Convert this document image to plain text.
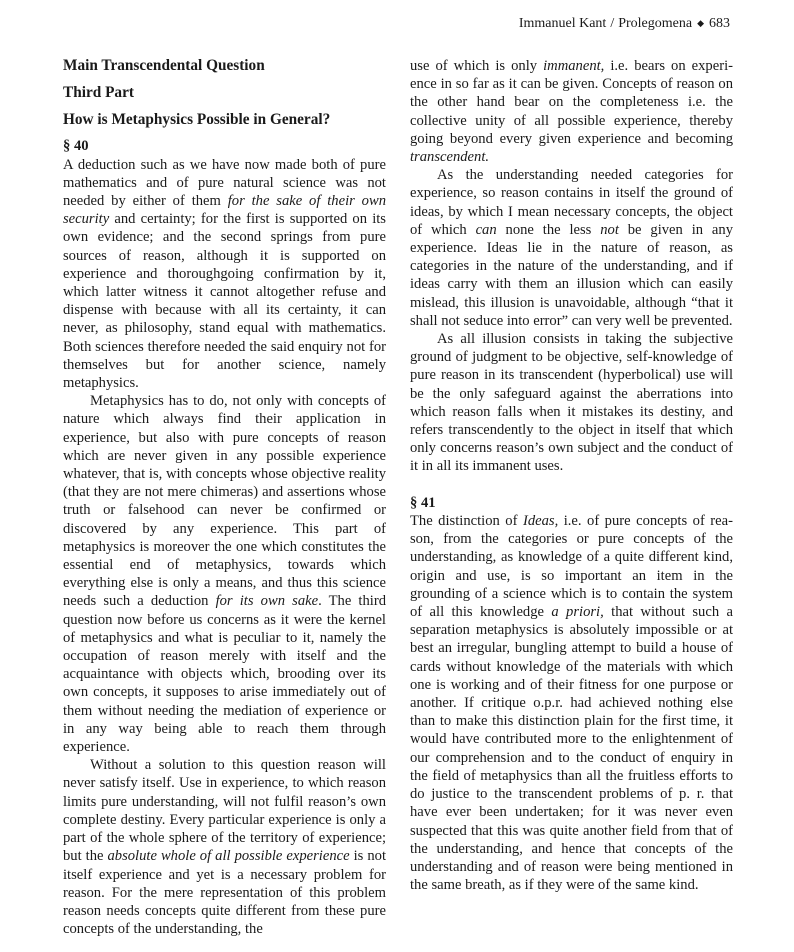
Immanuel Kant / Prolegomena ◆ 683
Main Transcendental Question
Third Part
How is Metaphysics Possible in General?

§ 40

A deduction such as we have now made both of pure mathematics and of pure natural science was not needed by either of them for the sake of their own security and certainty; for the first is supported on its own evidence; and the second springs from pure sources of reason, although it is supported on experience and thoroughgoing confirmation by it, which latter witness it cannot altogether refuse and dispense with because with all its certainty, it can never, as philosophy, stand equal with mathematics. Both sciences therefore needed the said enquiry not for themselves but for another science, namely metaphysics.

Metaphysics has to do, not only with concepts of nature which always find their application in experience, but also with pure concepts of reason which are never given in any possible experience whatever, that is, with concepts whose objective reality (that they are not mere chimeras) and assertions whose truth or falsehood can never be confirmed or discovered by any experience. This part of metaphysics is moreover the one which constitutes the essential end of metaphysics, towards which everything else is only a means, and thus this science needs such a deduction for its own sake. The third question now before us concerns as it were the kernel of metaphysics and what is peculiar to it, namely the occupation of reason merely with itself and the acquaintance with objects which, brooding over its own concepts, it supposes to arise immediately out of them without needing the mediation of experience or in any way being able to reach them through experience.

Without a solution to this question reason will never satisfy itself. Use in experience, to which reason limits pure understanding, will not fulfil reason’s own complete destiny. Every particular experience is only a part of the whole sphere of the territory of experience; but the absolute whole of all possible experience is not itself experience and yet is a necessary problem for reason. For the mere representation of this problem reason needs concepts quite different from these pure concepts of the understanding, the

use of which is only immanent, i.e. bears on experience in so far as it can be given. Concepts of reason on the other hand bear on the completeness i.e. the collective unity of all possible experience, thereby going beyond every given experience and becoming transcendent.

As the understanding needed categories for experience, so reason contains in itself the ground of ideas, by which I mean necessary concepts, the object of which can none the less not be given in any experience. Ideas lie in the nature of reason, as categories in the nature of the understanding, and if ideas carry with them an illusion which can easily mislead, this illusion is unavoidable, although “that it shall not seduce into error” can very well be prevented.

As all illusion consists in taking the subjective ground of judgment to be objective, self-knowledge of pure reason in its transcendent (hyperbolical) use will be the only safeguard against the aberrations into which reason falls when it mistakes its destiny, and refers transcendently to the object in itself that which only concerns reason’s own subject and the conduct of it in all its immanent uses.

§ 41

The distinction of Ideas, i.e. of pure concepts of reason, from the categories or pure concepts of the understanding, as knowledge of a quite different kind, origin and use, is so important an item in the grounding of a science which is to contain the system of all this knowledge a priori, that without such a separation metaphysics is absolutely impossible or at best an irregular, bungling attempt to build a house of cards without knowledge of the materials with which one is working and of their fitness for one purpose or another. If critique o.p.r. had achieved nothing else than to make this distinction plain for the first time, it would have contributed more to the enlightenment of our comprehension and to the conduct of enquiry in the field of metaphysics than all the fruitless efforts to do justice to the transcendent problems of p. r. that have ever been undertaken; for it was never even suspected that this was quite another field from that of the understanding, and hence that concepts of the understanding and of reason were being mentioned in the same breath, as if they were of the same kind.
